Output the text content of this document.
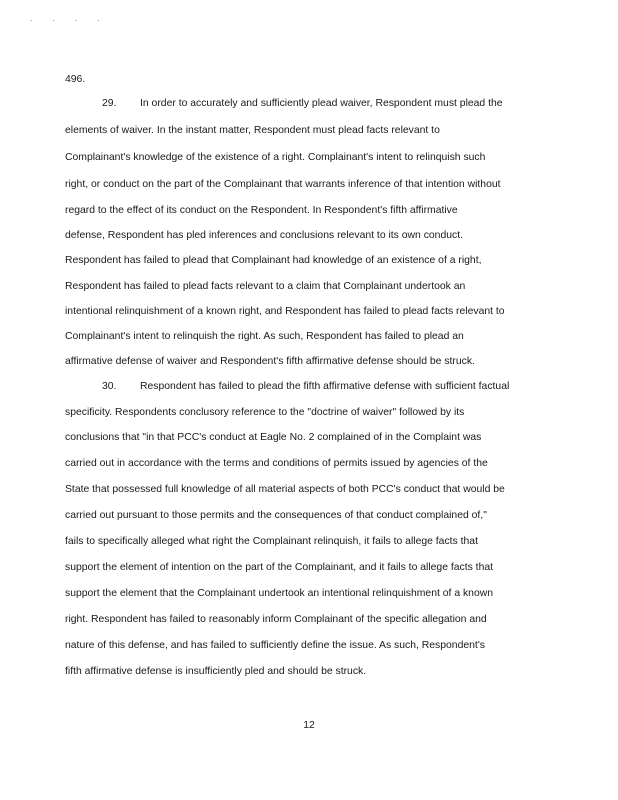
. . . .
496.
29. In order to accurately and sufficiently plead waiver, Respondent must plead the
elements of waiver. In the instant matter, Respondent must plead facts relevant to
Complainant's knowledge of the existence of a right. Complainant's intent to relinquish such
right, or conduct on the part of the Complainant that warrants inference of that intention without
regard to the effect of its conduct on the Respondent. In Respondent's fifth affirmative
defense, Respondent has pled inferences and conclusions relevant to its own conduct.
Respondent has failed to plead that Complainant had knowledge of an existence of a right,
Respondent has failed to plead facts relevant to a claim that Complainant undertook an
intentional relinquishment of a known right, and Respondent has failed to plead facts relevant to
Complainant's intent to relinquish the right. As such, Respondent has failed to plead an
affirmative defense of waiver and Respondent's fifth affirmative defense should be struck.
30. Respondent has failed to plead the fifth affirmative defense with sufficient factual
specificity. Respondents conclusory reference to the "doctrine of waiver" followed by its
conclusions that "in that PCC's conduct at Eagle No. 2 complained of in the Complaint was
carried out in accordance with the terms and conditions of permits issued by agencies of the
State that possessed full knowledge of all material aspects of both PCC's conduct that would be
carried out pursuant to those permits and the consequences of that conduct complained of,"
fails to specifically alleged what right the Complainant relinquish, it fails to allege facts that
support the element of intention on the part of the Complainant, and it fails to allege facts that
support the element that the Complainant undertook an intentional relinquishment of a known
right. Respondent has failed to reasonably inform Complainant of the specific allegation and
nature of this defense, and has failed to sufficiently define the issue. As such, Respondent's
fifth affirmative defense is insufficiently pled and should be struck.
12
